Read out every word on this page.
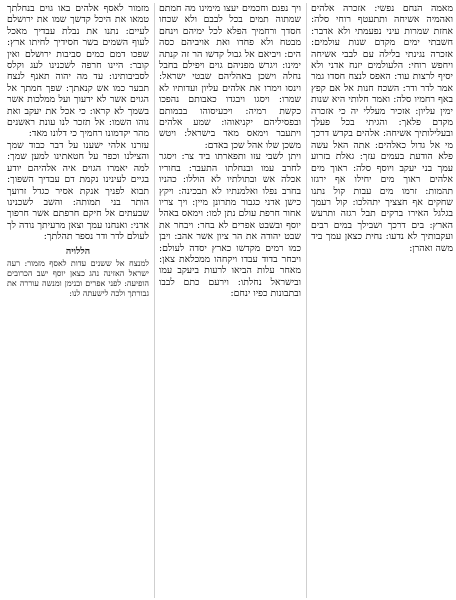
מאמה הנחם נפשי: אזכרה אלהים ואהמיה אשיחה ותתעטף רוחי סלה: אחזת שמרות עיני נפעמתי ולא אדבר: חשבתי ימים מקדם שנות עולמים: אזכרה נגינתי בלילה עם לבבי אשיחה ויחפש רוחי: הלעולמים יזנח אדני ולא יסיף לרצות עוד: האפס לנצח חסדו גמר אמר לדר ודר: השכח חנות אל אם קפץ באף רחמיו סלה: ואמר חלותי היא שנות ימין עליון: אזכיר מעללי יה כי אזכרה מקדם פלאך: והגיתי בכל פעלך ובעלילותיך אשיחה: אלהים בקדש דרכך מי אל גדול כאלהים: אתה האל עשה פלא הודעת בעמים עזך: גאלת בזרוע עמך בני יעקב ויוסף סלה: ראוך מים אלהים ראוך מים יחילו אף ירגזו תהמות: זרמו מים עבות קול נתנו שחקים אף חצציך יתהלכו: קול רעמך בגלגל האירו ברקים תבל רגזה ותרעש הארץ: בים דרכך ושבילך במים רבים ועקבותיך לא נדעו: נחית כצאן עמך ביד משה ואהרן:

ויך נפגם וחכמים יעצו מימינו מה חמתם שמתוה תמים בכל לבבם ולא שכחו חסדך ורחמיך הפלא לכל ימיהם וינחם מבטח ולא פחדו ואת אויביהם כסה הים: ויביאם אל גבול קדשו הר זה קנתה ימינו: ויגרש מפניהם גוים ויפילם בחבל נחלה וישכן באהליהם שבטי ישראל: וינסו וימרו את אלהים עליון ועדותיו לא שמרו: ויסגו ויבגדו כאבותם נהפכו כקשת רמיה: ויכעיסוהו בבמותם ובפסיליהם יקניאוהו: שמע אלהים ויתעבר וימאס מאד בישראל: ויטש משכן שלו אהל שכן באדם:

ויתן לשבי עזו ותפארתו ביד צר: ויסגר לחרב עמו ובנחלתו התעבר: בחוריו אכלה אש ובתולתיו לא הוללו: כהניו בחרב נפלו ואלמנתיו לא תבכינה: ויקץ כישן אדני כגבור מתרונן מיין: ויך צריו אחור חרפת עולם נתן למו: וימאס באהל יוסף ובשבט אפרים לא בחר: ויבחר את שבט יהודה את הר ציון אשר אהב: ויבן כמו רמים מקדשו כארץ יסדה לעולם: ויבחר בדוד עבדו ויקחהו ממכלאת צאן: מאחר עלות הביאו לרעות ביעקב עמו ובישראל נחלתו: וירעם כתם לבבו ובתבונות כפיו ינחם:

מזמור לאסף אלהים באו גוים בנחלתך טמאו את היכל קדשך שמו את ירושלם לעיים: נתנו את נבלת עבדיך מאכל לעוף השמים בשר חסידיך לחיתו ארץ: שפכו דמם כמים סביבות ירושלם ואין קובר: היינו חרפה לשכנינו לעג וקלס לסביבותינו: עד מה יהוה תאנף לנצח תבער כמו אש קנאתך: שפך חמתך אל הגוים אשר לא ידעוך ועל ממלכות אשר בשמך לא קראו: כי אכל את יעקב ואת נוהו השמו: אל תזכר לנו עונת ראשנים מהר יקדמונו רחמיך כי דלונו מאד:

עזרנו אלהי ישענו על דבר כבוד שמך והצילנו וכפר על חטאתינו למען שמך: למה יאמרו הגוים איה אלהיהם יודע בגיים לעינינו נקמת דם עבדיך השפוך: תבוא לפניך אנקת אסיר כגדל זרועך הותר בני תמותה: והשב לשכנינו שבעתים אל חיקם חרפתם אשר חרפוך אדני: ואנחנו עמך וצאן מרעיתך נודה לך לעולם לדר ודר נספר תהלתך:

הללויה

למנצח אל ששנים עדות לאסף מזמור: רעה ישראל האזינה נהג כצאן יוסף ישב הכרובים הופיעה: לפני אפרים ובנימן ומנשה עוררה את גבורתך ולכה לישעתה לנו:
